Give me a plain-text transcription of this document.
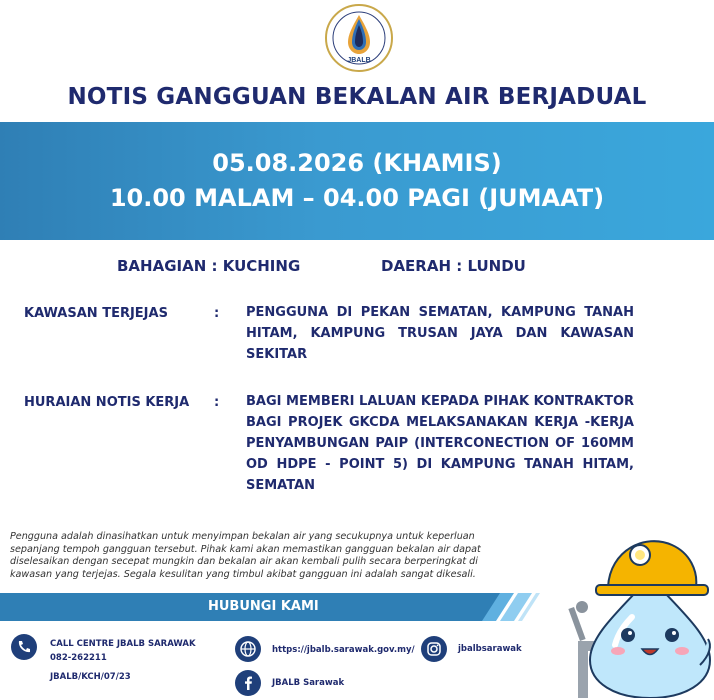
JBALB
NOTIS GANGGUAN BEKALAN AIR BERJADUAL
05.08.2026 (KHAMIS)
10.00 MALAM – 04.00 PAGI (JUMAAT)
BAHAGIAN : KUCHING	DAERAH : LUNDU
KAWASAN TERJEJAS	: PENGGUNA DI PEKAN SEMATAN, KAMPUNG TANAH HITAM, KAMPUNG TRUSAN JAYA DAN KAWASAN SEKITAR
HURAIAN NOTIS KERJA : BAGI MEMBERI LALUAN KEPADA PIHAK KONTRAKTOR BAGI PROJEK GKCDA MELAKSANAKAN KERJA -KERJA PENYAMBUNGAN PAIP (INTERCONECTION OF 160MM OD HDPE - POINT 5) DI KAMPUNG TANAH HITAM, SEMATAN
Pengguna adalah dinasihatkan untuk menyimpan bekalan air yang secukupnya untuk keperluan sepanjang tempoh gangguan tersebut. Pihak kami akan memastikan gangguan bekalan air dapat diselesaikan dengan secepat mungkin dan bekalan air akan kembali pulih secara berperingkat di kawasan yang terjejas. Segala kesulitan yang timbul akibat gangguan ini adalah sangat dikesali.
HUBUNGI KAMI
CALL CENTRE JBALB SARAWAK
082-262211
JBALB/KCH/07/23
https://jbalb.sarawak.gov.my/	jbalbsarawak
JBALB Sarawak
